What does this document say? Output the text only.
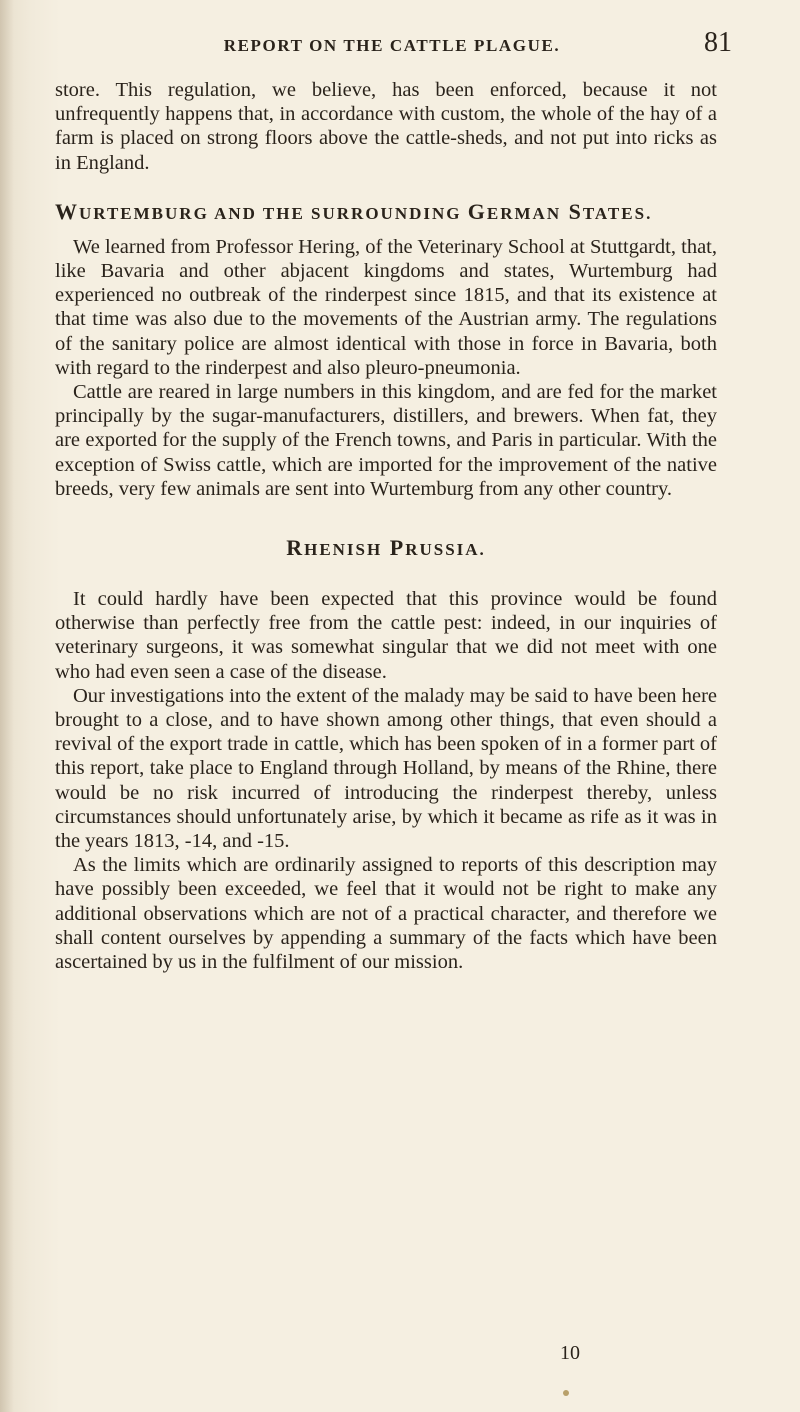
REPORT ON THE CATTLE PLAGUE.	81

store. This regulation, we believe, has been enforced, because it not unfrequently happens that, in accordance with custom, the whole of the hay of a farm is placed on strong floors above the cattle-sheds, and not put into ricks as in England.

WURTEMBURG AND THE SURROUNDING GERMAN STATES.

We learned from Professor Hering, of the Veterinary School at Stuttgardt, that, like Bavaria and other abjacent kingdoms and states, Wurtemburg had experienced no outbreak of the rinderpest since 1815, and that its existence at that time was also due to the movements of the Austrian army. The regulations of the sanitary police are almost identical with those in force in Bavaria, both with regard to the rinderpest and also pleuro-pneumonia.

Cattle are reared in large numbers in this kingdom, and are fed for the market principally by the sugar-manufacturers, distillers, and brewers. When fat, they are exported for the supply of the French towns, and Paris in particular. With the exception of Swiss cattle, which are imported for the improvement of the native breeds, very few animals are sent into Wurtemburg from any other country.

RHENISH PRUSSIA.

It could hardly have been expected that this province would be found otherwise than perfectly free from the cattle pest: indeed, in our inquiries of veterinary surgeons, it was somewhat singular that we did not meet with one who had even seen a case of the disease.

Our investigations into the extent of the malady may be said to have been here brought to a close, and to have shown among other things, that even should a revival of the export trade in cattle, which has been spoken of in a former part of this report, take place to England through Holland, by means of the Rhine, there would be no risk incurred of introducing the rinderpest thereby, unless circumstances should unfortunately arise, by which it became as rife as it was in the years 1813, -14, and -15.

As the limits which are ordinarily assigned to reports of this description may have possibly been exceeded, we feel that it would not be right to make any additional observations which are not of a practical character, and therefore we shall content ourselves by appending a summary of the facts which have been ascertained by us in the fulfilment of our mission.

10
